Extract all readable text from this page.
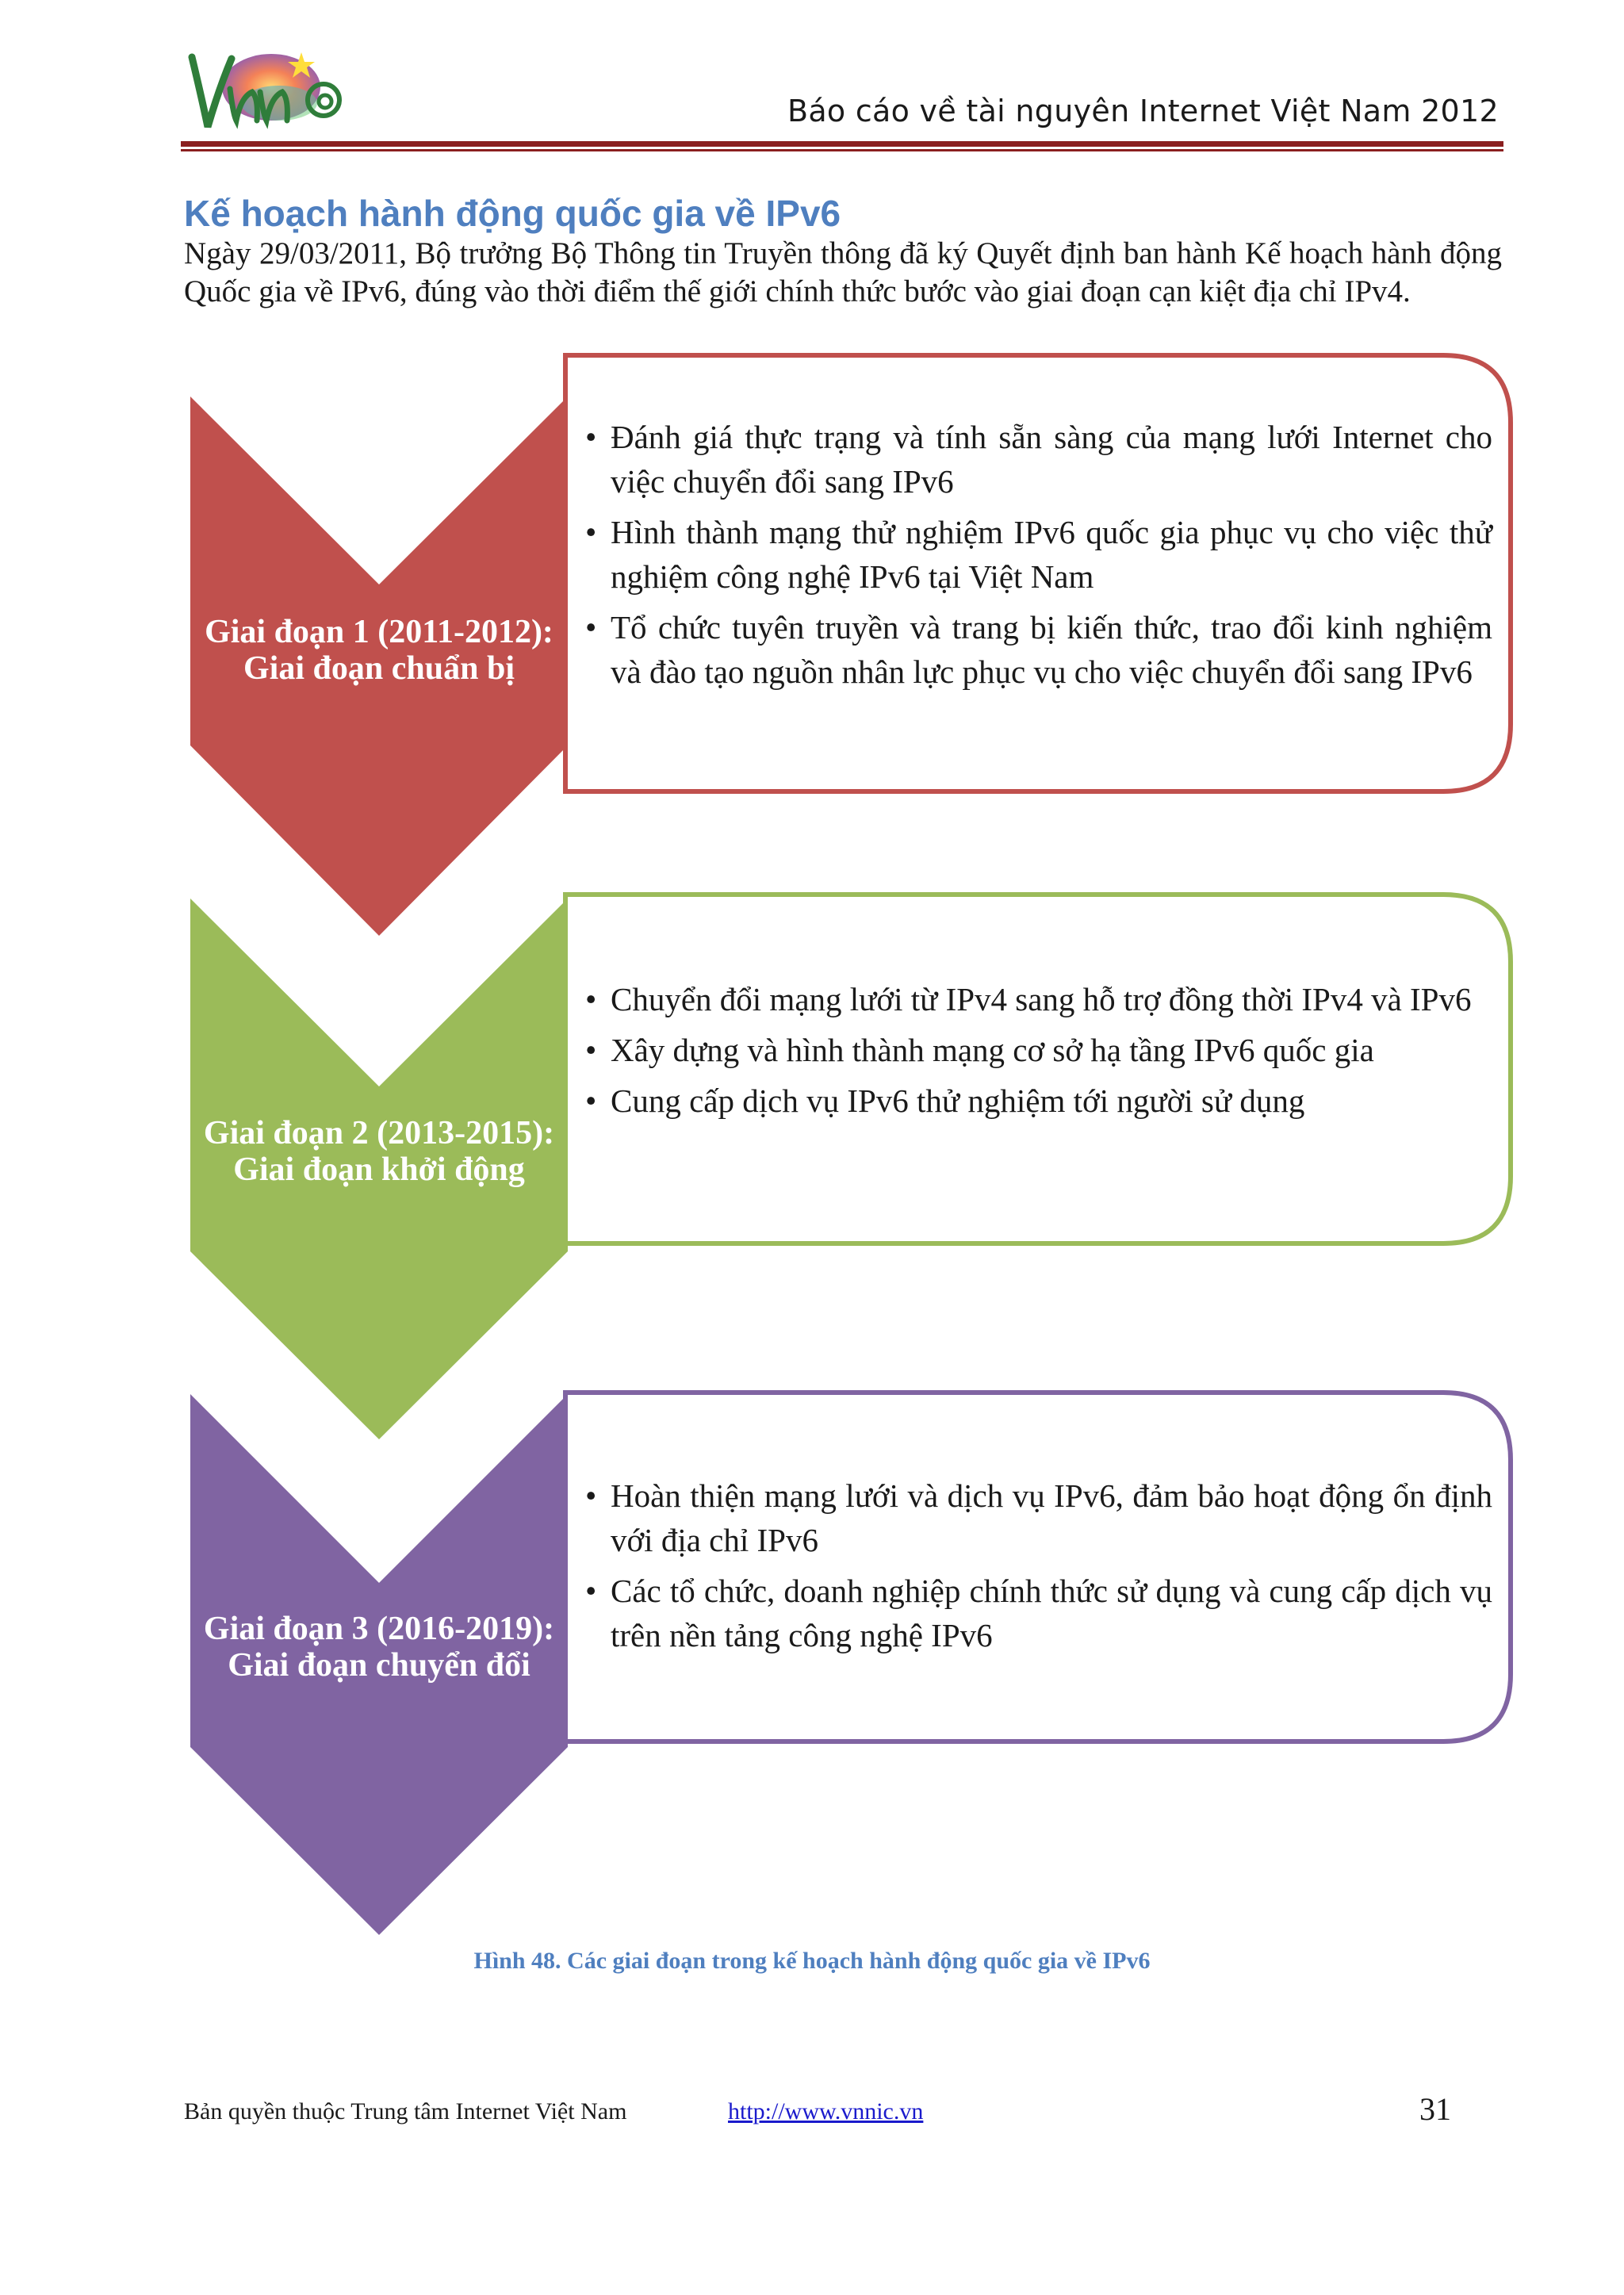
Báo cáo về tài nguyên Internet Việt Nam 2012
Kế hoạch hành động quốc gia về IPv6
Ngày 29/03/2011, Bộ trưởng Bộ Thông tin Truyền thông đã ký Quyết định ban hành Kế hoạch hành động Quốc gia về IPv6, đúng vào thời điểm thế giới chính thức bước vào giai đoạn cạn kiệt địa chỉ IPv4.
Giai đoạn 1 (2011-2012): Giai đoạn chuẩn bị
Giai đoạn 2 (2013-2015): Giai đoạn khởi động
Giai đoạn 3 (2016-2019): Giai đoạn chuyển đổi
• Đánh giá thực trạng và tính sẵn sàng của mạng lưới Internet cho việc chuyển đổi sang IPv6
• Hình thành mạng thử nghiệm IPv6 quốc gia phục vụ cho việc thử nghiệm công nghệ IPv6 tại Việt Nam
• Tổ chức tuyên truyền và trang bị kiến thức, trao đổi kinh nghiệm và đào tạo nguồn nhân lực phục vụ cho việc chuyển đổi sang IPv6
• Chuyển đổi mạng lưới từ IPv4 sang hỗ trợ đồng thời IPv4 và IPv6
• Xây dựng và hình thành mạng cơ sở hạ tầng IPv6 quốc gia
• Cung cấp dịch vụ IPv6 thử nghiệm tới người sử dụng
• Hoàn thiện mạng lưới và dịch vụ IPv6, đảm bảo hoạt động ổn định với địa chỉ IPv6
• Các tổ chức, doanh nghiệp chính thức sử dụng và cung cấp dịch vụ trên nền tảng công nghệ IPv6
Hình 48. Các giai đoạn trong kế hoạch hành động quốc gia về IPv6
Bản quyền thuộc Trung tâm Internet Việt Nam	http://www.vnnic.vn	31
